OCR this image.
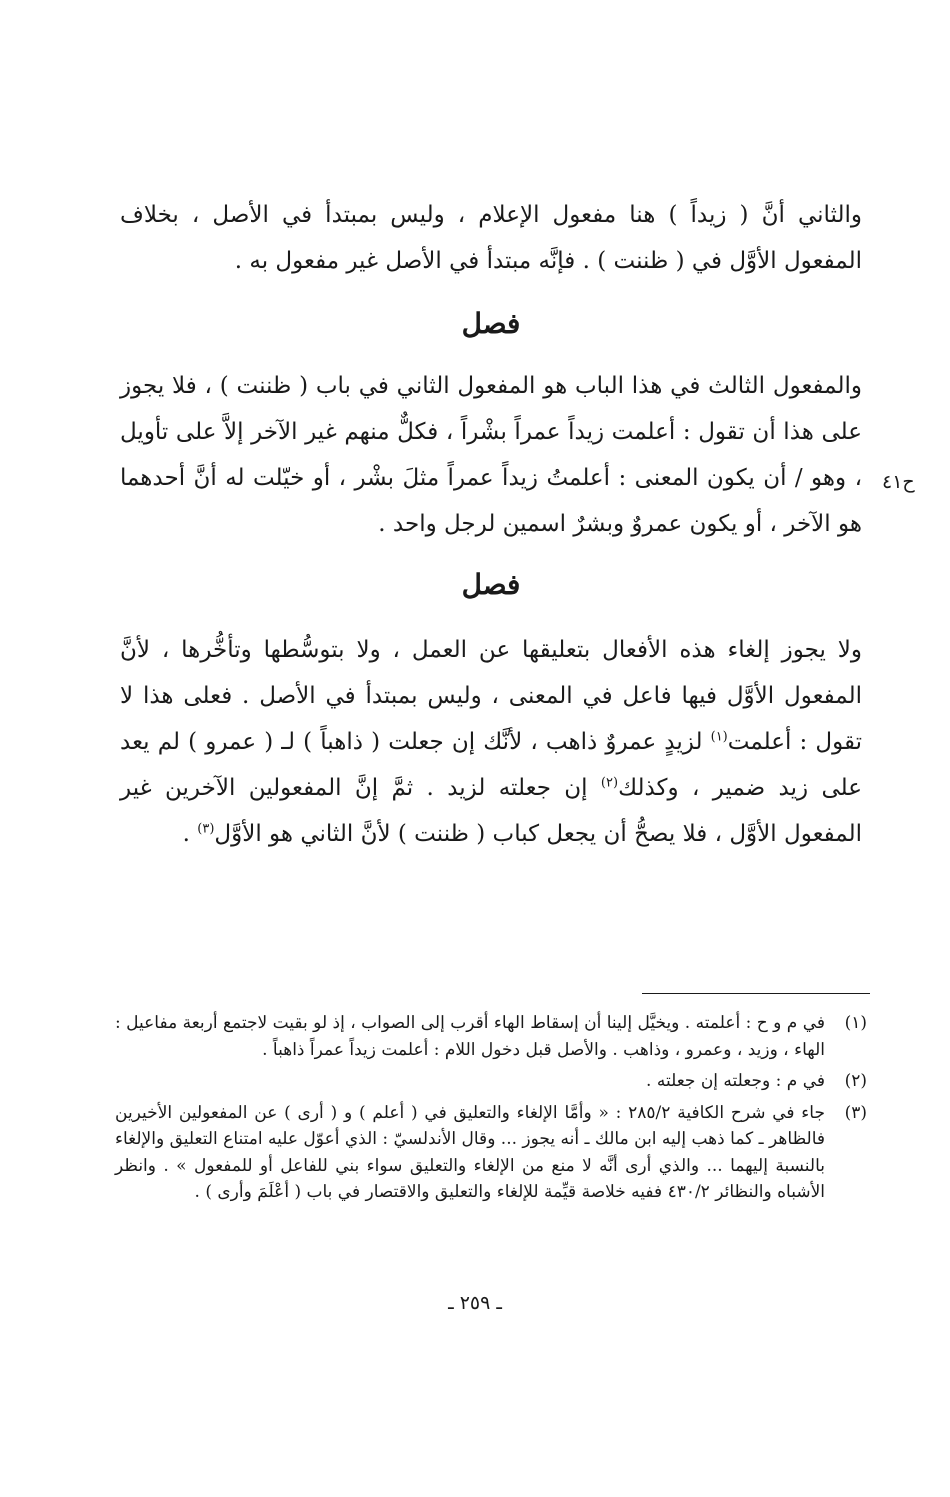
والثاني أنَّ ( زيداً ) هنا مفعول الإعلام ، وليس بمبتدأ في الأصل ، بخلاف المفعول الأوَّل في ( ظننت ) . فإنَّه مبتدأ في الأصل غير مفعول به .

فصل

والمفعول الثالث في هذا الباب هو المفعول الثاني في باب ( ظننت ) ، فلا يجوز على هذا أن تقول : أعلمت زيداً عمراً بشْراً ، فكلٌّ منهم غير الآخر إلاَّ على تأويل ، وهو / أن يكون المعنى : أعلمتُ زيداً عمراً مثلَ بشْر ، أو خيّلت له أنَّ أحدهما هو الآخر ، أو يكون عمروٌ وبشرٌ اسمين لرجل واحد .

ح٤١
فصل

ولا يجوز إلغاء هذه الأفعال بتعليقها عن العمل ، ولا بتوسُّطها وتأخُّرها ، لأنَّ المفعول الأوَّل فيها فاعل في المعنى ، وليس بمبتدأ في الأصل . فعلى هذا لا تقول : أعلمت$^{(١)}$ لزيدٍ عمروٌ ذاهب ، لأنَّك إن جعلت ( ذاهباً ) لـ ( عمرو ) لم يعد على زيد ضمير ، وكذلك$^{(٢)}$ إن جعلته لزيد . ثمَّ إنَّ المفعولين الآخرين غير المفعول الأوَّل ، فلا يصحُّ أن يجعل كباب ( ظننت ) لأنَّ الثاني هو الأوَّل$^{(٣)}$ .

(١)
في م و ح : أعلمته . ويخيَّل إلينا أن إسقاط الهاء أقرب إلى الصواب ، إذ لو بقيت لاجتمع أربعة مفاعيل : الهاء ، وزيد ، وعمرو ، وذاهب . والأصل قبل دخول اللام : أعلمت زيداً عمراً ذاهباً .
(٢)
في م : وجعلته إن جعلته .
(٣)
جاء في شرح الكافية ٢٨٥/٢ : « وأمَّا الإلغاء والتعليق في ( أعلم ) و ( أرى ) عن المفعولين الأخيرين فالظاهر ـ كما ذهب إليه ابن مالك ـ أنه يجوز ... وقال الأندلسيّ : الذي أعوّل عليه امتناع التعليق والإلغاء بالنسبة إليهما ... والذي أرى أنَّه لا منع من الإلغاء والتعليق سواء بني للفاعل أو للمفعول » . وانظر الأشباه والنظائر ٤٣٠/٢ ففيه خلاصة قيِّمة للإلغاء والتعليق والاقتصار في باب ( أعْلَمَ وأرى ) .
ـ ٢٥٩ ـ
